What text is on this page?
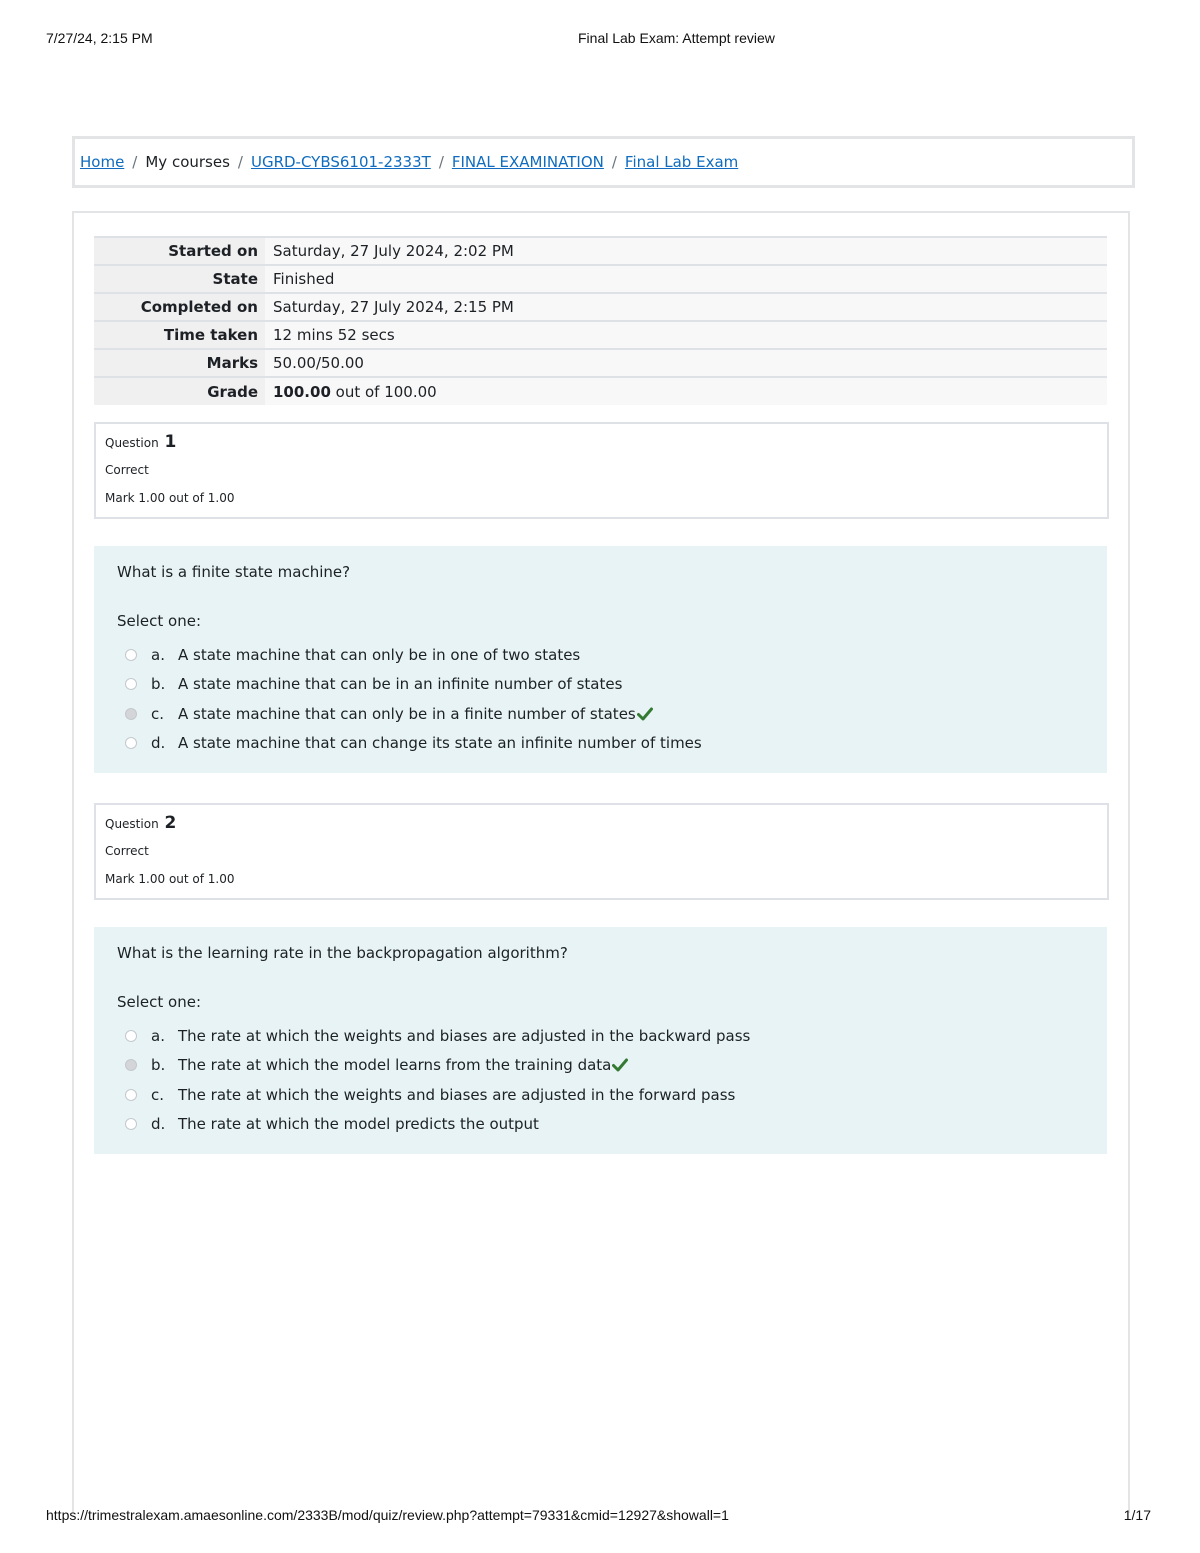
7/27/24, 2:15 PM	Final Lab Exam: Attempt review
Home / My courses / UGRD-CYBS6101-2333T / FINAL EXAMINATION / Final Lab Exam
Started on	Saturday, 27 July 2024, 2:02 PM
State	Finished
Completed on	Saturday, 27 July 2024, 2:15 PM
Time taken	12 mins 52 secs
Marks	50.00/50.00
Grade	100.00 out of 100.00
Question 1
Correct
Mark 1.00 out of 1.00
What is a finite state machine?
Select one:
a. A state machine that can only be in one of two states
b. A state machine that can be in an infinite number of states
c. A state machine that can only be in a finite number of states
d. A state machine that can change its state an infinite number of times
Question 2
Correct
Mark 1.00 out of 1.00
What is the learning rate in the backpropagation algorithm?
Select one:
a. The rate at which the weights and biases are adjusted in the backward pass
b. The rate at which the model learns from the training data
c. The rate at which the weights and biases are adjusted in the forward pass
d. The rate at which the model predicts the output
https://trimestralexam.amaesonline.com/2333B/mod/quiz/review.php?attempt=79331&cmid=12927&showall=1	1/17
